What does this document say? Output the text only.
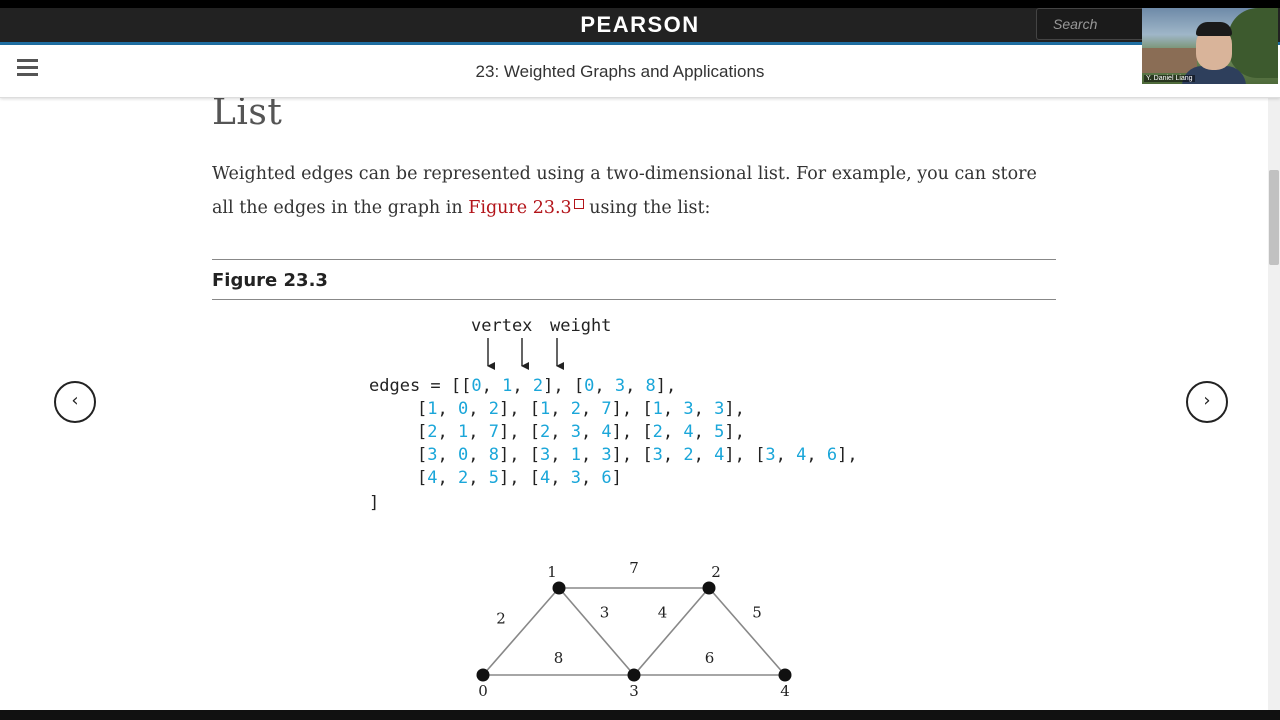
PEARSON	Search
Y. Daniel Liang
23: Weighted Graphs and Applications
List
Weighted edges can be represented using a two-dimensional list. For example, you can store all the edges in the graph in Figure 23.3 using the list:
Figure 23.3
vertex weight
edges = [[0, 1, 2], [0, 3, 8],
[1, 0, 2], [1, 2, 7], [1, 3, 3],
[2, 1, 7], [2, 3, 4], [2, 4, 5],
[3, 0, 8], [3, 1, 3], [3, 2, 4], [3, 4, 6],
[4, 2, 5], [4, 3, 6]
]
2
8
7
3	4	5
6
0
1	2
3	4
‹	›
